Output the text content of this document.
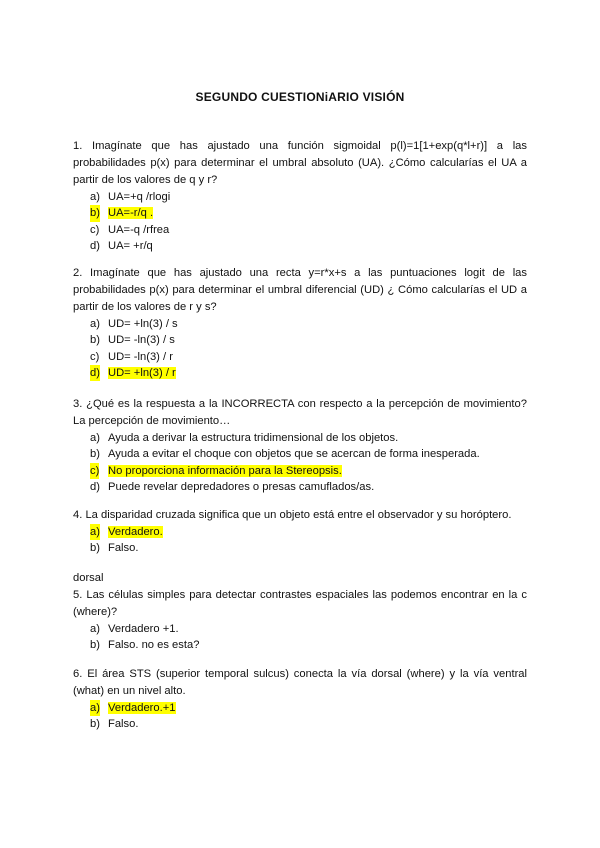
SEGUNDO CUESTIONiARIO VISIÓN

1. Imagínate que has ajustado una función sigmoidal p(l)=1[1+exp(q*l+r)] a las probabilidades p(x) para determinar el umbral absoluto (UA). ¿Cómo calcularías el UA a partir de los valores de q y r?

a) UA=+q /rlogi
b) UA=-r/q .
c) UA=-q /rfrea
d) UA= +r/q

2. Imagínate que has ajustado una recta y=r*x+s a las puntuaciones logit de las probabilidades p(x) para determinar el umbral diferencial (UD) ¿ Cómo calcularías el UD a partir de los valores de r y s?

a) UD= +ln(3) / s
b) UD= -ln(3) / s
c) UD= -ln(3) / r
d) UD= +ln(3) / r

3. ¿Qué es la respuesta a la INCORRECTA con respecto a la percepción de movimiento? La percepción de movimiento…

a) Ayuda a derivar la estructura tridimensional de los objetos.
b) Ayuda a evitar el choque con objetos que se acercan de forma inesperada.
c) No proporciona información para la Stereopsis.
d) Puede revelar depredadores o presas camuflados/as.

4. La disparidad cruzada significa que un objeto está entre el observador y su horóptero.

a) Verdadero.
b) Falso.
dorsal

5. Las células simples para detectar contrastes espaciales las podemos encontrar en la c (where)?

a) Verdadero +1.
b) Falso. no es esta?

6. El área STS (superior temporal sulcus) conecta la vía dorsal (where) y la vía ventral (what) en un nivel alto.

a) Verdadero.+1
b) Falso.
